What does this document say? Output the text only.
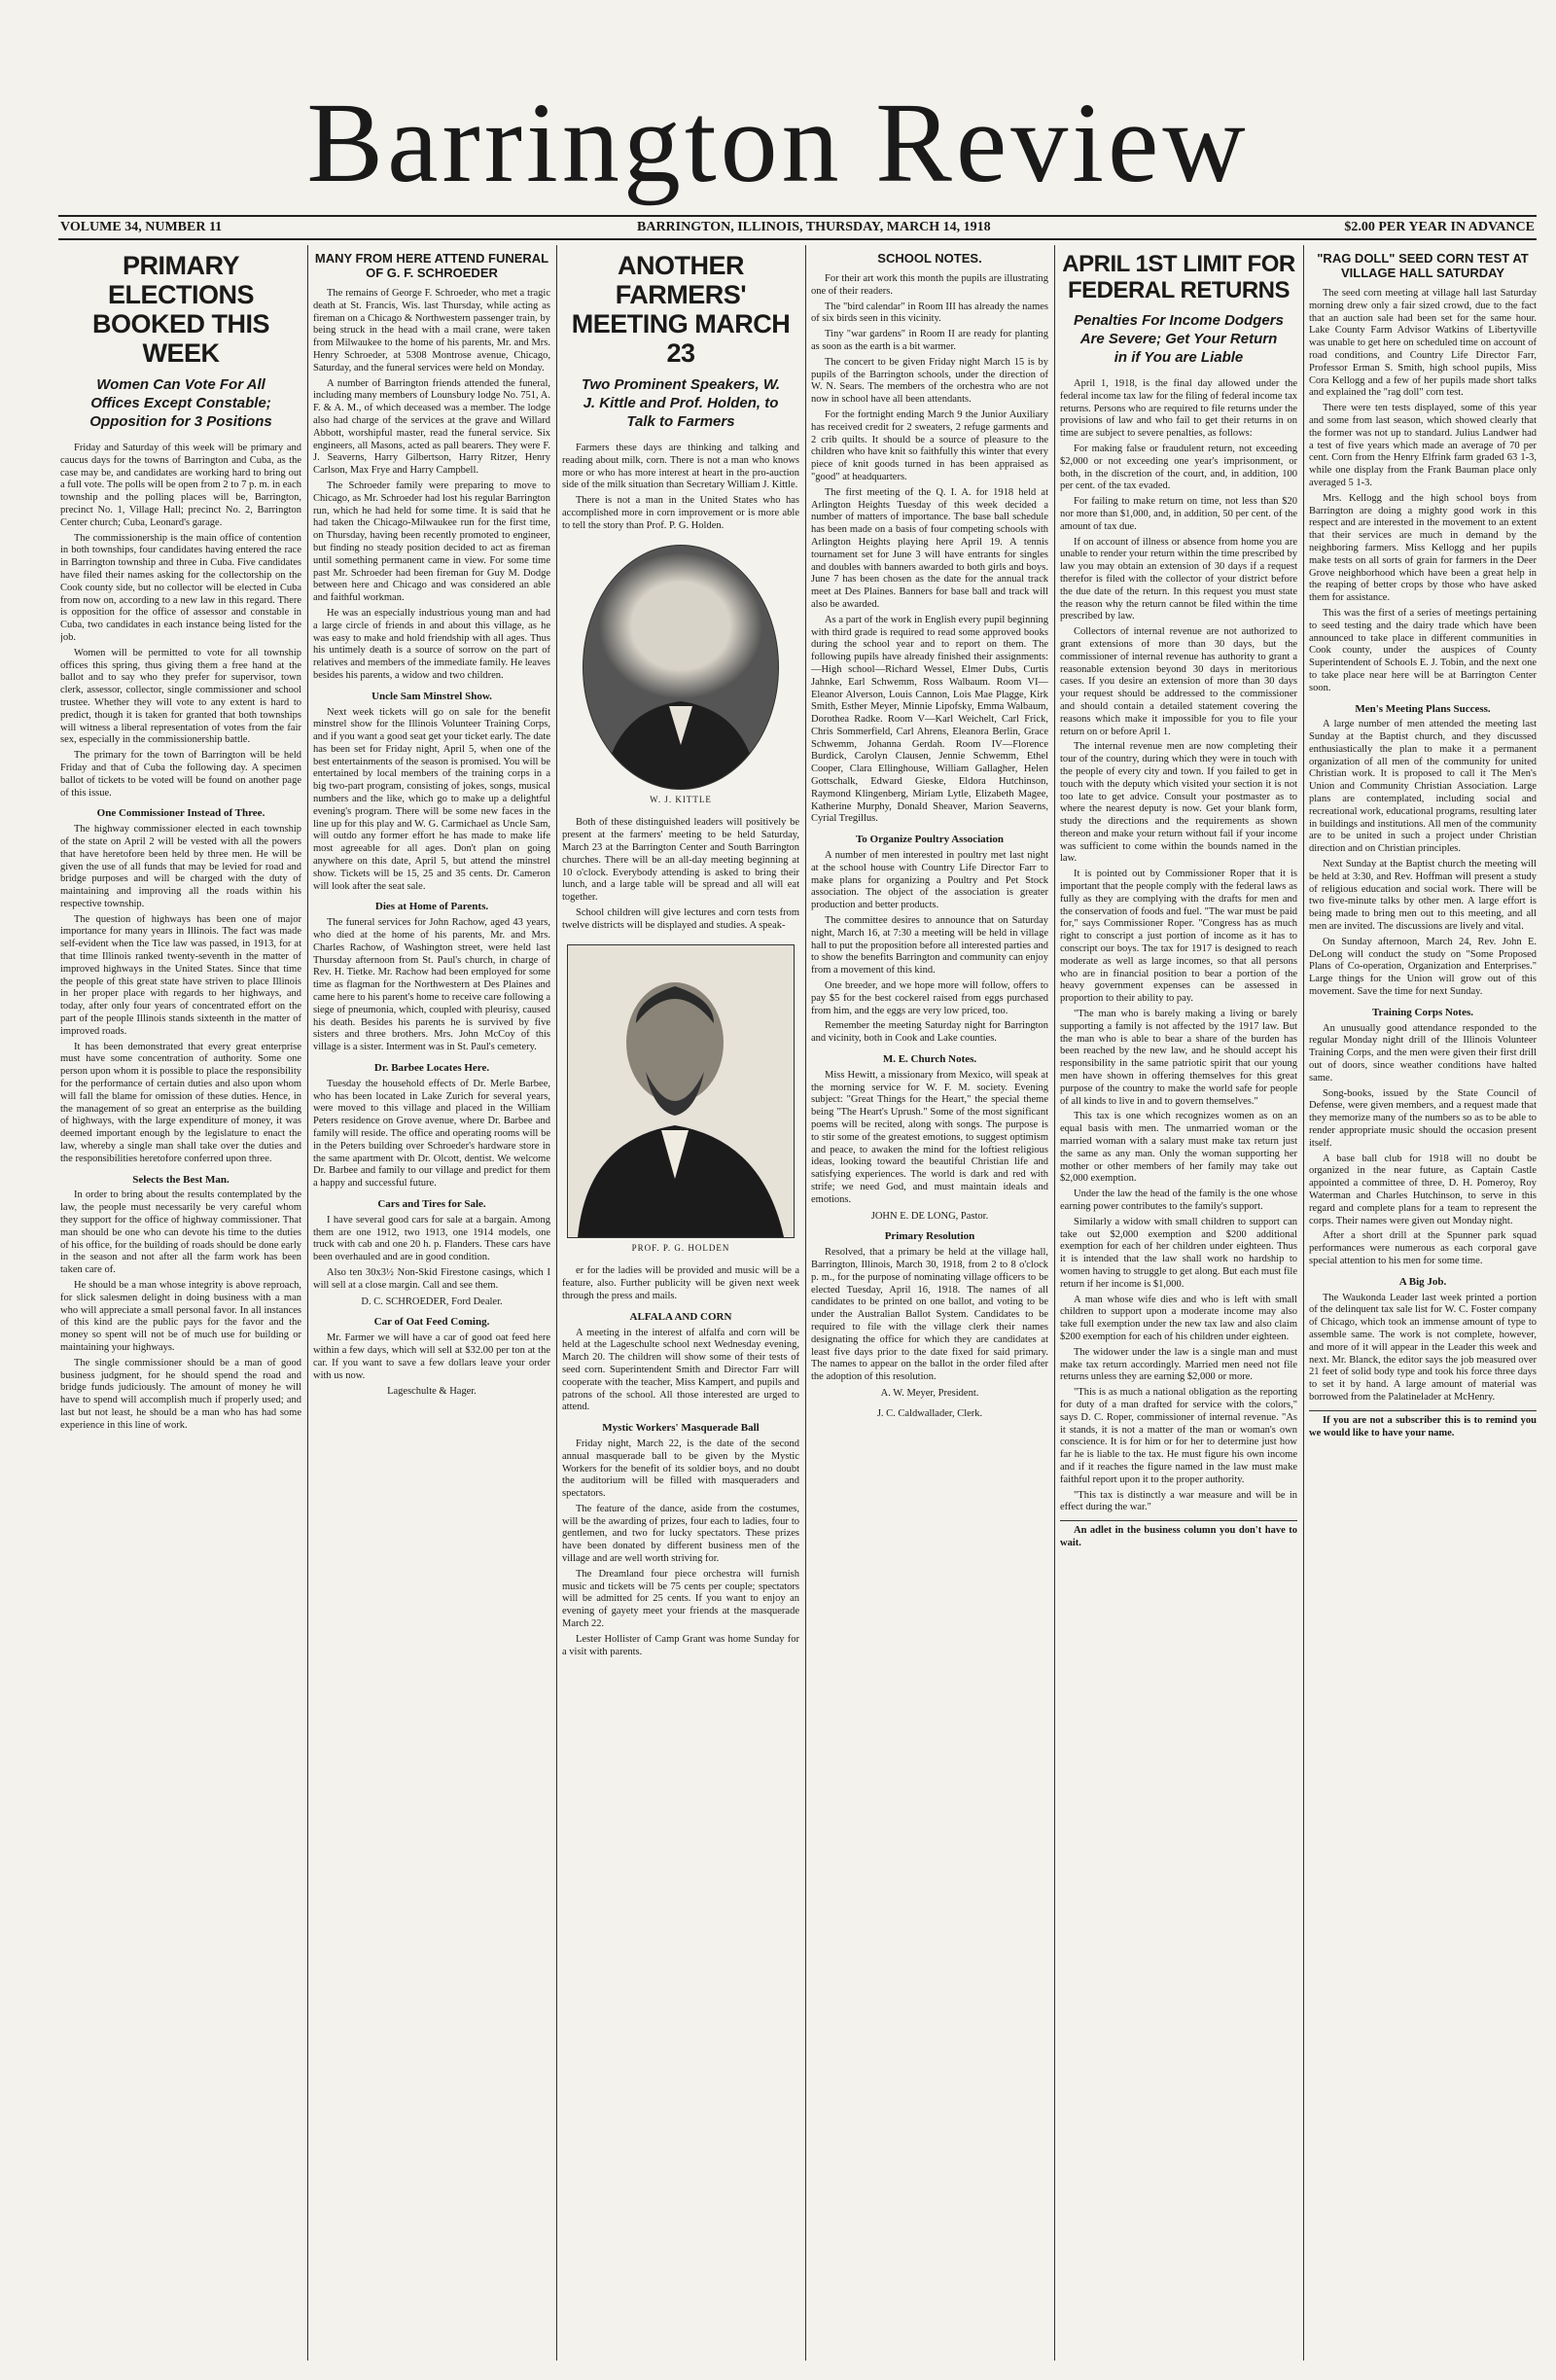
Barrington Review
VOLUME 34, NUMBER 11	BARRINGTON, ILLINOIS, THURSDAY, MARCH 14, 1918	$2.00 PER YEAR IN ADVANCE
PRIMARY ELECTIONS BOOKED THIS WEEK
Women Can Vote For All Offices Except Constable; Opposition for 3 Positions

Friday and Saturday of this week will be primary and caucus days for the towns of Barrington and Cuba, as the case may be, and candidates are working hard to bring out a full vote. The polls will be open from 2 to 7 p. m. in each township and the polling places will be, Barrington, precinct No. 1, Village Hall; precinct No. 2, Barrington Center church; Cuba, Leonard's garage.

The commissionership is the main office of contention in both townships, four candidates having entered the race in Barrington township and three in Cuba. Five candidates have filed their names asking for the collectorship on the Cook county side, but no collector will be elected in Cuba from now on, according to a new law in this regard. There is opposition for the office of assessor and constable in Cuba, two candidates in each instance being listed for the job.

Women will be permitted to vote for all township offices this spring, thus giving them a free hand at the ballot and to say who they prefer for supervisor, town clerk, assessor, collector, single commissioner and school trustee. Whether they will vote to any extent is hard to predict, though it is taken for granted that both townships will witness a liberal representation of votes from the fair sex, especially in the commissionership battle.

The primary for the town of Barrington will be held Friday and that of Cuba the following day. A specimen ballot of tickets to be voted will be found on another page of this issue.

One Commissioner Instead of Three.

The highway commissioner elected in each township of the state on April 2 will be vested with all the powers that have heretofore been held by three men. He will be given the use of all funds that may be levied for road and bridge purposes and will be charged with the duty of maintaining and improving all the roads within his respective township.

The question of highways has been one of major importance for many years in Illinois. The fact was made self-evident when the Tice law was passed, in 1913, for at that time Illinois ranked twenty-seventh in the matter of improved highways in the United States. Since that time the people of this great state have striven to place Illinois in her proper place with regards to her highways, and today, after only four years of concentrated effort on the part of the people Illinois stands sixteenth in the matter of improved roads.

It has been demonstrated that every great enterprise must have some concentration of authority. Some one person upon whom it is possible to place the responsibility for the performance of certain duties and also upon whom will fall the blame for omission of these duties. Hence, in the management of so great an enterprise as the building of highways, with the large expenditure of money, it was deemed important enough by the legislature to enact the law, whereby a single man shall take over the duties and the responsibilities heretofore conferred upon three.

Selects the Best Man.

In order to bring about the results contemplated by the law, the people must necessarily be very careful whom they support for the office of highway commissioner. That man should be one who can devote his time to the duties of his office, for the building of roads should be done early in the season and not after all the farm work has been taken care of.

He should be a man whose integrity is above reproach, for slick salesmen delight in doing business with a man who will appreciate a small personal favor. In all instances of this kind are the public pays for the favor and the money so spent will not be of much use for building or maintaining your highways.

The single commissioner should be a man of good business judgment, for he should spend the road and bridge funds judiciously. The amount of money he will have to spend will accomplish much if properly used; and last but not least, he should be a man who has had some experience in this line of work.

MANY FROM HERE ATTEND FUNERAL OF G. F. SCHROEDER

The remains of George F. Schroeder, who met a tragic death at St. Francis, Wis. last Thursday, while acting as fireman on a Chicago & Northwestern passenger train, by being struck in the head with a mail crane, were taken from Milwaukee to the home of his parents, Mr. and Mrs. Henry Schroeder, at 5308 Montrose avenue, Chicago, Saturday, and the funeral services were held on Monday.

A number of Barrington friends attended the funeral, including many members of Lounsbury lodge No. 751, A. F. & A. M., of which deceased was a member. The lodge also had charge of the services at the grave and Willard Abbott, worshipful master, read the funeral service. Six engineers, all Masons, acted as pall bearers. They were F. J. Seaverns, Harry Gilbertson, Harry Ritzer, Henry Carlson, Max Frye and Harry Campbell.

The Schroeder family were preparing to move to Chicago, as Mr. Schroeder had lost his regular Barrington run, which he had held for some time. It is said that he had taken the Chicago-Milwaukee run for the first time, on Thursday, having been recently promoted to engineer, but finding no steady position decided to act as fireman until something permanent came in view. For some time past Mr. Schroeder had been fireman for Guy M. Dodge between here and Chicago and was considered an able and faithful workman.

He was an especially industrious young man and had a large circle of friends in and about this village, as he was easy to make and hold friendship with all ages. Thus his untimely death is a source of sorrow on the part of relatives and members of the immediate family. He leaves besides his parents, a widow and two children.

Uncle Sam Minstrel Show.

Next week tickets will go on sale for the benefit minstrel show for the Illinois Volunteer Training Corps, and if you want a good seat get your ticket early. The date has been set for Friday night, April 5, when one of the best entertainments of the season is promised. You will be entertained by local members of the training corps in a big two-part program, consisting of jokes, songs, musical numbers and the like, which go to make up a delightful evening's program. There will be some new faces in the line up for this play and W. G. Carmichael as Uncle Sam, will outdo any former effort he has made to make life most agreeable for all ages. Don't plan on going anywhere on this date, April 5, but attend the minstrel show. Tickets will be 15, 25 and 35 cents. Dr. Cameron will look after the seat sale.

Dies at Home of Parents.

The funeral services for John Rachow, aged 43 years, who died at the home of his parents, Mr. and Mrs. Charles Rachow, of Washington street, were held last Thursday afternoon from St. Paul's church, in charge of Rev. H. Tietke. Mr. Rachow had been employed for some time as flagman for the Northwestern at Des Plaines and came here to his parent's home to receive care following a siege of pneumonia, which, coupled with pleurisy, caused his death. Besides his parents he is survived by five sisters and three brothers. Mrs. John McCoy of this village is a sister. Interment was in St. Paul's cemetery.

Dr. Barbee Locates Here.

Tuesday the household effects of Dr. Merle Barbee, who has been located in Lake Zurich for several years, were moved to this village and placed in the William Peters residence on Grove avenue, where Dr. Barbee and family will reside. The office and operating rooms will be in the Peters building over Schroeder's hardware store in the same apartment with Dr. Olcott, dentist. We welcome Dr. Barbee and family to our village and predict for them a happy and successful future.

Cars and Tires for Sale.

I have several good cars for sale at a bargain. Among them are one 1912, two 1913, one 1914 models, one truck with cab and one 20 h. p. Flanders. These cars have been overhauled and are in good condition.

Also ten 30x3½ Non-Skid Firestone casings, which I will sell at a close margin. Call and see them.

D. C. SCHROEDER, Ford Dealer.
Car of Oat Feed Coming.

Mr. Farmer we will have a car of good oat feed here within a few days, which will sell at $32.00 per ton at the car. If you want to save a few dollars leave your order with us now.

Lageschulte & Hager.
ANOTHER FARMERS' MEETING MARCH 23
Two Prominent Speakers, W. J. Kittle and Prof. Holden, to Talk to Farmers

Farmers these days are thinking and talking and reading about milk, corn. There is not a man who knows more or who has more interest at heart in the pro-auction side of the milk situation than Secretary William J. Kittle.

There is not a man in the United States who has accomplished more in corn improvement or is more able to tell the story than Prof. P. G. Holden.

W. J. KITTLE

Both of these distinguished leaders will positively be present at the farmers' meeting to be held Saturday, March 23 at the Barrington Center and South Barrington churches. There will be an all-day meeting beginning at 10 o'clock. Everybody attending is asked to bring their lunch, and a large table will be spread and all will eat together.

School children will give lectures and corn tests from twelve districts will be displayed and studies. A speak-

PROF. P. G. HOLDEN

er for the ladies will be provided and music will be a feature, also. Further publicity will be given next week through the press and mails.

ALFALA AND CORN

A meeting in the interest of alfalfa and corn will be held at the Lageschulte school next Wednesday evening, March 20. The children will show some of their tests of seed corn. Superintendent Smith and Director Farr will cooperate with the teacher, Miss Kampert, and pupils and patrons of the school. All those interested are urged to attend.

Mystic Workers' Masquerade Ball

Friday night, March 22, is the date of the second annual masquerade ball to be given by the Mystic Workers for the benefit of its soldier boys, and no doubt the auditorium will be filled with masqueraders and spectators.

The feature of the dance, aside from the costumes, will be the awarding of prizes, four each to ladies, four to gentlemen, and two for lucky spectators. These prizes have been donated by different business men of the village and are well worth striving for.

The Dreamland four piece orchestra will furnish music and tickets will be 75 cents per couple; spectators will be admitted for 25 cents. If you want to enjoy an evening of gayety meet your friends at the masquerade March 22.

Lester Hollister of Camp Grant was home Sunday for a visit with parents.

SCHOOL NOTES.

For their art work this month the pupils are illustrating one of their readers.

The "bird calendar" in Room III has already the names of six birds seen in this vicinity.

Tiny "war gardens" in Room II are ready for planting as soon as the earth is a bit warmer.

The concert to be given Friday night March 15 is by pupils of the Barrington schools, under the direction of W. N. Sears. The members of the orchestra who are not now in school have all been attendants.

For the fortnight ending March 9 the Junior Auxiliary has received credit for 2 sweaters, 2 refuge garments and 2 crib quilts. It should be a source of pleasure to the children who have knit so faithfully this winter that every piece of knit goods turned in has been appraised as "good" at headquarters.

The first meeting of the Q. I. A. for 1918 held at Arlington Heights Tuesday of this week decided a number of matters of importance. The base ball schedule has been made on a basis of four competing schools with Arlington Heights playing here April 19. A tennis tournament set for June 3 will have entrants for singles and doubles with banners awarded to both girls and boys. June 7 has been chosen as the date for the annual track meet at Des Plaines. Banners for base ball and track will also be awarded.

As a part of the work in English every pupil beginning with third grade is required to read some approved books during the school year and to report on them. The following pupils have already finished their assignments:—High school—Richard Wessel, Elmer Dubs, Curtis Jahnke, Earl Schwemm, Ross Walbaum. Room VI—Eleanor Alverson, Louis Cannon, Lois Mae Plagge, Kirk Smith, Esther Meyer, Minnie Lipofsky, Emma Walbaum, Dorothea Radke. Room V—Karl Weichelt, Carl Frick, Chris Sommerfield, Carl Ahrens, Eleanora Berlin, Grace Schwemm, Johanna Gerdah. Room IV—Florence Burdick, Carolyn Clausen, Jennie Schwemm, Ethel Cooper, Clara Ellinghouse, William Gallagher, Helen Gottschalk, Edward Gieske, Eldora Hutchinson, Raymond Klingenberg, Miriam Lytle, Elizabeth Magee, Katherine Murphy, Donald Sheaver, Marion Seaverns, Cyrial Tregillus.

To Organize Poultry Association

A number of men interested in poultry met last night at the school house with Country Life Director Farr to make plans for organizing a Poultry and Pet Stock association. The object of the association is greater production and better products.

The committee desires to announce that on Saturday night, March 16, at 7:30 a meeting will be held in village hall to put the proposition before all interested parties and to show the benefits Barrington and community can enjoy from a movement of this kind.

One breeder, and we hope more will follow, offers to pay $5 for the best cockerel raised from eggs purchased from him, and the eggs are very low priced, too.

Remember the meeting Saturday night for Barrington and vicinity, both in Cook and Lake counties.

M. E. Church Notes.

Miss Hewitt, a missionary from Mexico, will speak at the morning service for W. F. M. society. Evening subject: "Great Things for the Heart," the special theme being "The Heart's Uprush." Some of the most significant poems will be recited, along with songs. The purpose is to stir some of the greatest emotions, to suggest optimism and peace, to awaken the mind for the loftiest religious ideas, looking toward the beautiful Christian life and satisfying experiences. The world is dark and red with strife; we need God, and must maintain ideals and emotions.

JOHN E. DE LONG, Pastor.
Primary Resolution

Resolved, that a primary be held at the village hall, Barrington, Illinois, March 30, 1918, from 2 to 8 o'clock p. m., for the purpose of nominating village officers to be elected Tuesday, April 16, 1918. The names of all candidates to be printed on one ballot, and voting to be under the Australian Ballot System. Candidates to be required to file with the village clerk their names designating the office for which they are candidates at least five days prior to the date fixed for said primary. The names to appear on the ballot in the order filed after the adoption of this resolution.

A. W. Meyer, President.
J. C. Caldwallader, Clerk.
APRIL 1ST LIMIT FOR FEDERAL RETURNS
Penalties For Income Dodgers Are Severe; Get Your Return in if You are Liable

April 1, 1918, is the final day allowed under the federal income tax law for the filing of federal income tax returns. Persons who are required to file returns under the provisions of law and who fail to get their returns in on time are subject to severe penalties, as follows:

For making false or fraudulent return, not exceeding $2,000 or not exceeding one year's imprisonment, or both, in the discretion of the court, and, in addition, 100 per cent. of the tax evaded.

For failing to make return on time, not less than $20 nor more than $1,000, and, in addition, 50 per cent. of the amount of tax due.

If on account of illness or absence from home you are unable to render your return within the time prescribed by law you may obtain an extension of 30 days if a request therefor is filed with the collector of your district before the due date of the return. In this request you must state the reason why the return cannot be filed within the time prescribed by law.

Collectors of internal revenue are not authorized to grant extensions of more than 30 days, but the commissioner of internal revenue has authority to grant a reasonable extension beyond 30 days in meritorious cases. If you desire an extension of more than 30 days your request should be addressed to the commissioner and should contain a detailed statement covering the reasons which make it impossible for you to file your return on or before April 1.

The internal revenue men are now completing their tour of the country, during which they were in touch with the people of every city and town. If you failed to get in touch with the deputy which visited your section it is not too late to get advice. Consult your postmaster as to where the nearest deputy is now. Get your blank form, study the directions and the requirements as shown thereon and make your return without fail if your income was sufficient to come within the bounds named in the law.

It is pointed out by Commissioner Roper that it is important that the people comply with the federal laws as fully as they are complying with the drafts for men and the conservation of foods and fuel. "The war must be paid for," says Commissioner Roper. "Congress has as much right to conscript a just portion of income as it has to conscript our boys. The tax for 1917 is designed to reach moderate as well as large incomes, so that all persons who are in financial position to bear a portion of the heavy government expenses can be assessed in proportion to their ability to pay.

"The man who is barely making a living or barely supporting a family is not affected by the 1917 law. But the man who is able to bear a share of the burden has been reached by the new law, and he should accept his responsibility in the same patriotic spirit that our young men have shown in offering themselves for this great purpose of the country to make the world safe for people of all kinds to live in and to govern themselves."

This tax is one which recognizes women as on an equal basis with men. The unmarried woman or the married woman with a salary must make tax return just the same as any man. Only the woman supporting her mother or other members of her family may take out $2,000 exemption.

Under the law the head of the family is the one whose earning power contributes to the family's support.

Similarly a widow with small children to support can take out $2,000 exemption and $200 additional exemption for each of her children under eighteen. Thus it is intended that the law shall work no hardship to women having to struggle to get along. But each must file return if her income is $1,000.

A man whose wife dies and who is left with small children to support upon a moderate income may also take full exemption under the new tax law and also claim $200 exemption for each of his children under eighteen.

The widower under the law is a single man and must make tax return accordingly. Married men need not file returns unless they are earning $2,000 or more.

"This is as much a national obligation as the reporting for duty of a man drafted for service with the colors," says D. C. Roper, commissioner of internal revenue. "As it stands, it is not a matter of the man or woman's own conscience. It is for him or for her to determine just how far he is liable to the tax. He must figure his own income and if it reaches the figure named in the law must make faithful report upon it to the proper authority.

"This tax is distinctly a war measure and will be in effect during the war."

An adlet in the business column you don't have to wait.

"RAG DOLL" SEED CORN TEST AT VILLAGE HALL SATURDAY

The seed corn meeting at village hall last Saturday morning drew only a fair sized crowd, due to the fact that an auction sale had been set for the same hour. Lake County Farm Advisor Watkins of Libertyville was unable to get here on scheduled time on account of road conditions, and Country Life Director Farr, Professor Erman S. Smith, high school pupils, Miss Cora Kellogg and a few of her pupils made short talks and explained the "rag doll" corn test.

There were ten tests displayed, some of this year and some from last season, which showed clearly that the former was not up to standard. Julius Landwer had a test of five years which made an average of 70 per cent. Corn from the Henry Elfrink farm graded 63 1-3, while one display from the Frank Bauman place only averaged 5 1-3.

Mrs. Kellogg and the high school boys from Barrington are doing a mighty good work in this respect and are interested in the movement to an extent that their services are much in demand by the neighboring farmers. Miss Kellogg and her pupils make tests on all sorts of grain for farmers in the Deer Grove neighborhood which have been a great help in the reaping of better crops by those who have asked them for assistance.

This was the first of a series of meetings pertaining to seed testing and the dairy trade which have been announced to take place in different communities in Cook county, under the auspices of County Superintendent of Schools E. J. Tobin, and the next one to take place near here will be at Barrington Center soon.

Men's Meeting Plans Success.

A large number of men attended the meeting last Sunday at the Baptist church, and they discussed enthusiastically the plan to make it a permanent organization of all men of the community for united Christian work. It is proposed to call it The Men's Union and Community Christian Association. Large plans are contemplated, including social and recreational work, educational programs, resulting later in buildings and institutions. All men of the community are to be united in such a project under Christian direction and on Christian principles.

Next Sunday at the Baptist church the meeting will be held at 3:30, and Rev. Hoffman will present a study of religious education and social work. There will be two five-minute talks by other men. A large effort is being made to bring men out to this meeting, and all men are invited. The discussions are lively and vital.

On Sunday afternoon, March 24, Rev. John E. DeLong will conduct the study on "Some Proposed Plans of Co-operation, Organization and Enterprises." Large things for the Union will grow out of this movement. Save the time for next Sunday.

Training Corps Notes.

An unusually good attendance responded to the regular Monday night drill of the Illinois Volunteer Training Corps, and the men were given their first drill out of doors, since weather conditions have halted same.

Song-books, issued by the State Council of Defense, were given members, and a request made that they memorize many of the numbers so as to be able to render appropriate music should the occasion present itself.

A base ball club for 1918 will no doubt be organized in the near future, as Captain Castle appointed a committee of three, D. H. Pomeroy, Roy Waterman and Charles Hutchinson, to serve in this regard and complete plans for a team to represent the corps. Their names were given out Monday night.

After a short drill at the Spunner park squad performances were numerous as each corporal gave special attention to his men for some time.

A Big Job.

The Waukonda Leader last week printed a portion of the delinquent tax sale list for W. C. Foster company of Chicago, which took an immense amount of type to assemble same. The work is not complete, however, and more of it will appear in the Leader this week and next. Mr. Blanck, the editor says the job measured over 21 feet of solid body type and took his force three days to set it by hand. A large amount of material was borrowed from the Palatinelader at McHenry.

If you are not a subscriber this is to remind you we would like to have your name.
